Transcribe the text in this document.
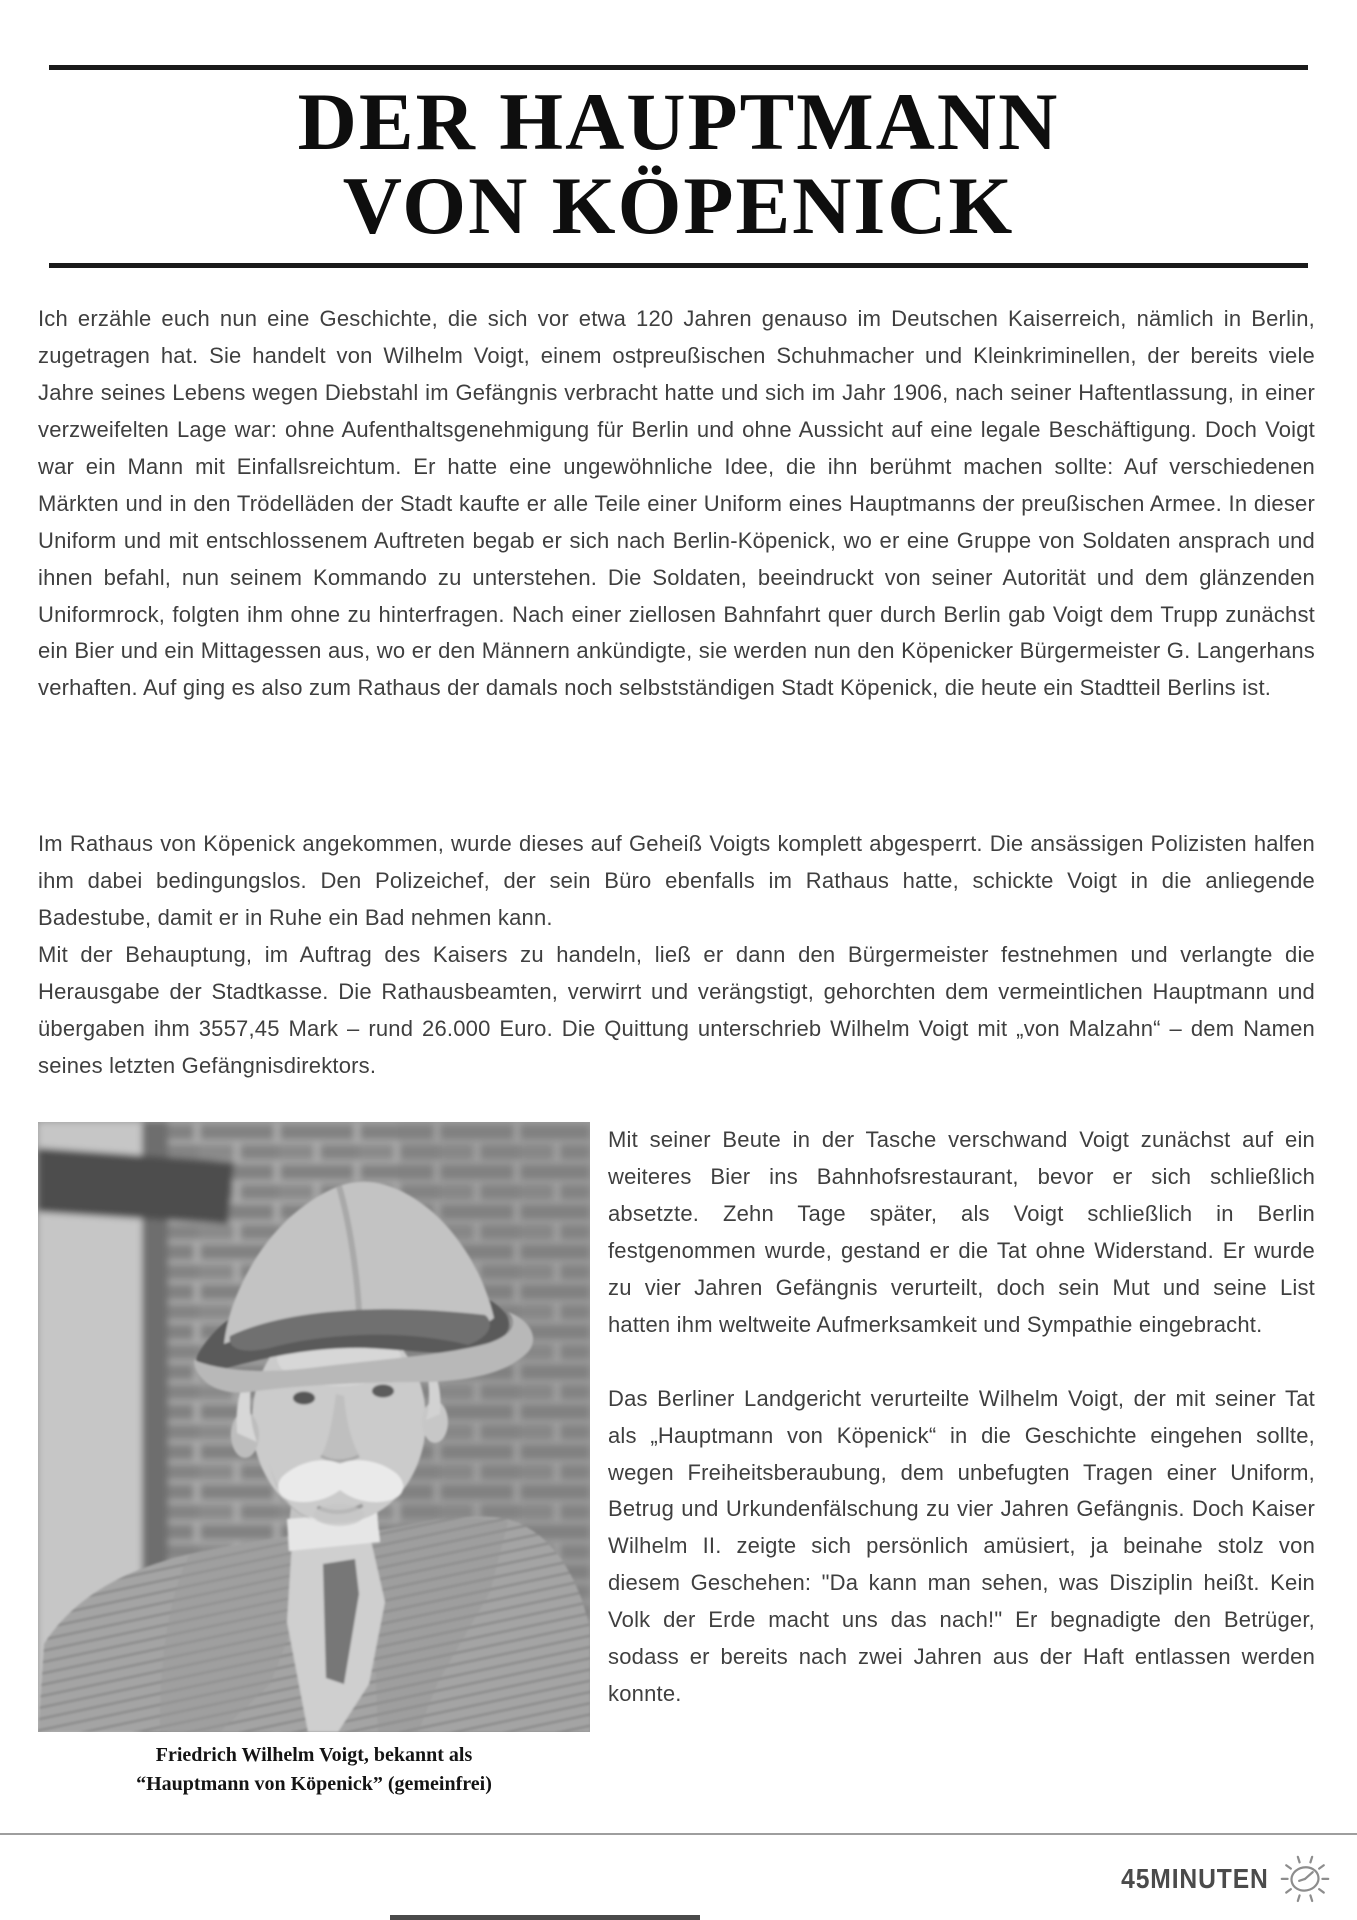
DER HAUPTMANN
VON KÖPENICK

Ich erzähle euch nun eine Geschichte, die sich vor etwa 120 Jahren genauso im Deutschen Kaiserreich, nämlich in Berlin, zugetragen hat. Sie handelt von Wilhelm Voigt, einem ostpreußischen Schuhmacher und Kleinkriminellen, der bereits viele Jahre seines Lebens wegen Diebstahl im Gefängnis verbracht hatte und sich im Jahr 1906, nach seiner Haftentlassung, in einer verzweifelten Lage war: ohne Aufenthaltsgenehmigung für Berlin und ohne Aussicht auf eine legale Beschäftigung. Doch Voigt war ein Mann mit Einfallsreichtum. Er hatte eine ungewöhnliche Idee, die ihn berühmt machen sollte: Auf verschiedenen Märkten und in den Trödelläden der Stadt kaufte er alle Teile einer Uniform eines Hauptmanns der preußischen Armee. In dieser Uniform und mit entschlossenem Auftreten begab er sich nach Berlin-Köpenick, wo er eine Gruppe von Soldaten ansprach und ihnen befahl, nun seinem Kommando zu unterstehen. Die Soldaten, beeindruckt von seiner Autorität und dem glänzenden Uniformrock, folgten ihm ohne zu hinterfragen. Nach einer ziellosen Bahnfahrt quer durch Berlin gab Voigt dem Trupp zunächst ein Bier und ein Mittagessen aus, wo er den Männern ankündigte, sie werden nun den Köpenicker Bürgermeister G. Langerhans verhaften. Auf ging es also zum Rathaus der damals noch selbstständigen Stadt Köpenick, die heute ein Stadtteil Berlins ist.

Im Rathaus von Köpenick angekommen, wurde dieses auf Geheiß Voigts komplett abgesperrt. Die ansässigen Polizisten halfen ihm dabei bedingungslos. Den Polizeichef, der sein Büro ebenfalls im Rathaus hatte, schickte Voigt in die anliegende Badestube, damit er in Ruhe ein Bad nehmen kann.

Mit der Behauptung, im Auftrag des Kaisers zu handeln, ließ er dann den Bürgermeister festnehmen und verlangte die Herausgabe der Stadtkasse. Die Rathausbeamten, verwirrt und verängstigt, gehorchten dem vermeintlichen Hauptmann und übergaben ihm 3557,45 Mark – rund 26.000 Euro. Die Quittung unterschrieb Wilhelm Voigt mit „von Malzahn“ – dem Namen seines letzten Gefängnisdirektors.

Friedrich Wilhelm Voigt, bekannt als
“Hauptmann von Köpenick” (gemeinfrei)

Mit seiner Beute in der Tasche verschwand Voigt zunächst auf ein weiteres Bier ins Bahnhofsrestaurant, bevor er sich schließlich absetzte. Zehn Tage später, als Voigt schließlich in Berlin festgenommen wurde, gestand er die Tat ohne Widerstand. Er wurde zu vier Jahren Gefängnis verurteilt, doch sein Mut und seine List hatten ihm weltweite Aufmerksamkeit und Sympathie eingebracht.

Das Berliner Landgericht verurteilte Wilhelm Voigt, der mit seiner Tat als „Hauptmann von Köpenick“ in die Geschichte eingehen sollte, wegen Freiheitsberaubung, dem unbefugten Tragen einer Uniform, Betrug und Urkundenfälschung zu vier Jahren Gefängnis. Doch Kaiser Wilhelm II. zeigte sich persönlich amüsiert, ja beinahe stolz von diesem Geschehen: "Da kann man sehen, was Disziplin heißt. Kein Volk der Erde macht uns das nach!" Er begnadigte den Betrüger, sodass er bereits nach zwei Jahren aus der Haft entlassen werden konnte.

45MINUTEN
